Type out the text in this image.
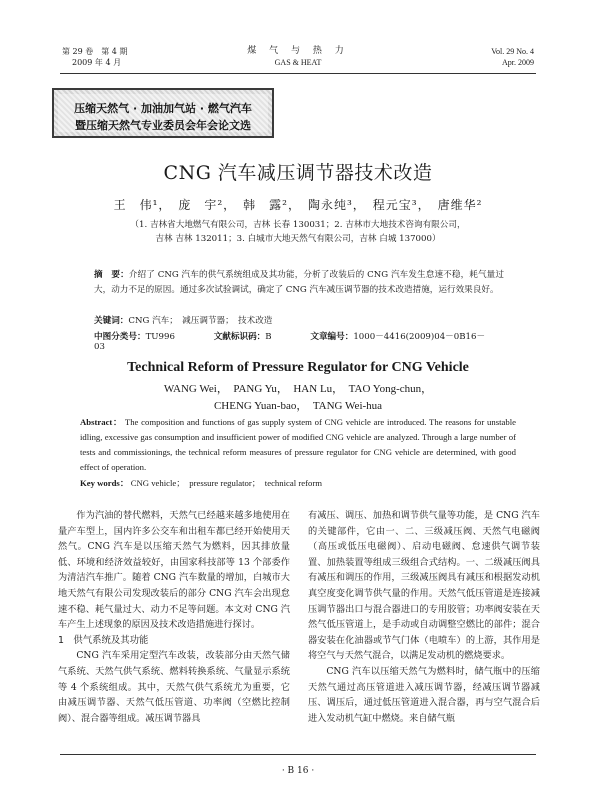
第 29 卷　第 4 期
2009 年 4 月
煤 气 与 热 力
GAS & HEAT
Vol. 29 No. 4
Apr. 2009
压缩天然气 · 加油加气站 · 燃气汽车
暨压缩天然气专业委员会年会论文选
CNG 汽车减压调节器技术改造
王　伟¹，　庞　宇²，　韩　露²，　陶永纯³，　程元宝³，　唐维华²
（1. 吉林省大地燃气有限公司，吉林 长春 130031；2. 吉林市大地技术咨询有限公司，
吉林 吉林 132011；3. 白城市大地天然气有限公司，吉林 白城 137000）
摘　要：介绍了 CNG 汽车的供气系统组成及其功能，分析了改装后的 CNG 汽车发生怠速不稳，耗气量过大，动力不足的原因。通过多次试验调试，确定了 CNG 汽车减压调节器的技术改造措施，运行效果良好。
关键词：CNG 汽车；　减压调节器；　技术改造
中图分类号：TU996	文献标识码：B	文章编号：1000－4416(2009)04－0B16－03
Technical Reform of Pressure Regulator for CNG Vehicle
WANG Wei，　PANG Yu，　HAN Lu，　TAO Yong-chun，
CHENG Yuan-bao，　TANG Wei-hua
Abstract： The composition and functions of gas supply system of CNG vehicle are introduced. The reasons for unstable idling, excessive gas consumption and insufficient power of modified CNG vehicle are analyzed. Through a large number of tests and commissionings, the technical reform measures of pressure regulator for CNG vehicle are determined, with good effect of operation.
Key words： CNG vehicle；　pressure regulator；　technical reform

作为汽油的替代燃料，天然气已经越来越多地使用在量产车型上，国内许多公交车和出租车都已经开始使用天然气。CNG 汽车是以压缩天然气为燃料，因其排放量低、环境和经济效益较好，由国家科技部等 13 个部委作为清洁汽车推广。随着 CNG 汽车数量的增加，白城市大地天然气有限公司发现改装后的部分 CNG 汽车会出现怠速不稳、耗气量过大、动力不足等问题。本文对 CNG 汽车产生上述现象的原因及技术改造措施进行探讨。

1　供气系统及其功能

CNG 汽车采用定型汽车改装，改装部分由天然气储气系统、天然气供气系统、燃料转换系统、气量显示系统等 4 个系统组成。其中，天然气供气系统尤为重要，它由减压调节器、天然气低压管道、功率阀（空燃比控制阀）、混合器等组成。减压调节器具

有减压、调压、加热和调节供气量等功能，是 CNG 汽车的关键部件，它由一、二、三级减压阀、天然气电磁阀（高压或低压电磁阀）、启动电磁阀、怠速供气调节装置、加热装置等组成三级组合式结构。一、二级减压阀具有减压和调压的作用，三级减压阀具有减压和根据发动机真空度变化调节供气量的作用。天然气低压管道是连接减压调节器出口与混合器进口的专用胶管；功率阀安装在天然气低压管道上，是手动或自动调整空燃比的部件；混合器安装在化油器或节气门体（电喷车）的上游，其作用是将空气与天然气混合，以满足发动机的燃烧要求。

CNG 汽车以压缩天然气为燃料时，储气瓶中的压缩天然气通过高压管道进入减压调节器，经减压调节器减压、调压后，通过低压管道进入混合器，再与空气混合后进入发动机气缸中燃烧。来自储气瓶

· B 16 ·
